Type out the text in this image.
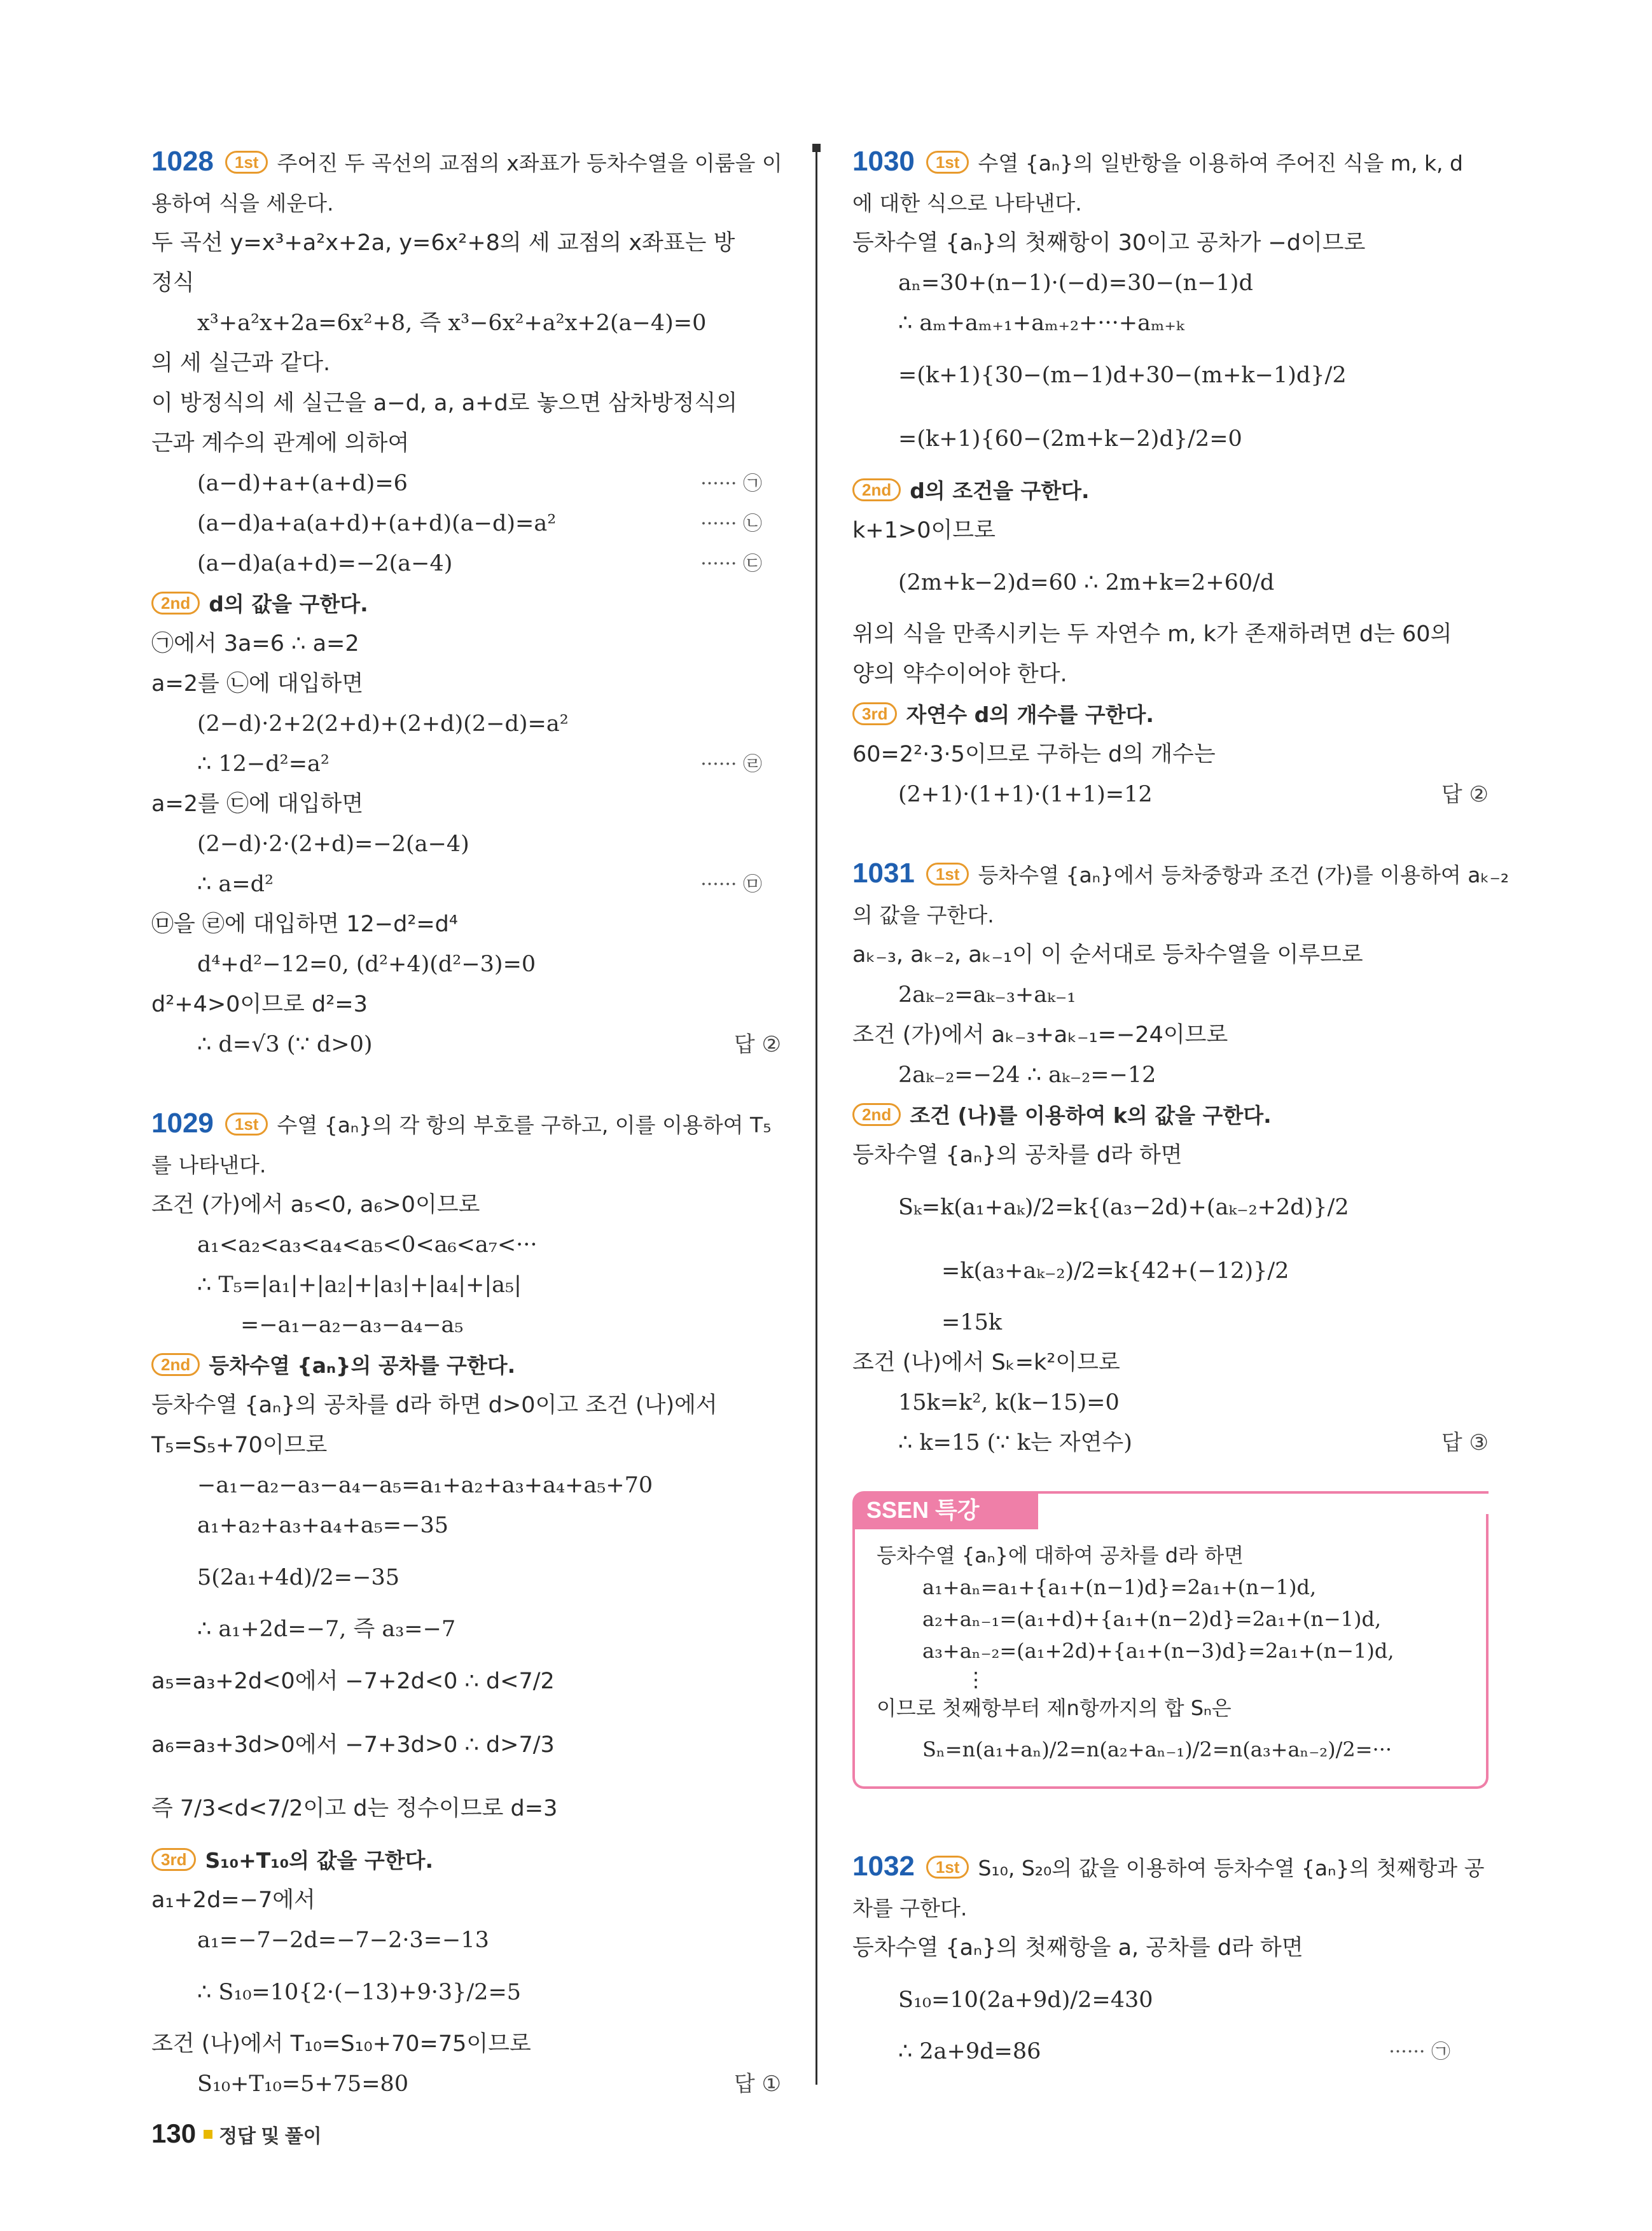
1028 1st 주어진 두 곡선의 교점의 x좌표가 등차수열을 이룸을 이
용하여 식을 세운다.
두 곡선 y=x³+a²x+2a, y=6x²+8의 세 교점의 x좌표는 방
정식
x³+a²x+2a=6x²+8, 즉 x³−6x²+a²x+2(a−4)=0
의 세 실근과 같다.
이 방정식의 세 실근을 a−d, a, a+d로 놓으면 삼차방정식의
근과 계수의 관계에 의하여
(a−d)+a+(a+d)=6	······ ㉠
(a−d)a+a(a+d)+(a+d)(a−d)=a²	······ ㉡
(a−d)a(a+d)=−2(a−4)	······ ㉢
2nd d의 값을 구한다.
㉠에서 3a=6 ∴ a=2
a=2를 ㉡에 대입하면
(2−d)·2+2(2+d)+(2+d)(2−d)=a²
∴ 12−d²=a²	······ ㉣
a=2를 ㉢에 대입하면
(2−d)·2·(2+d)=−2(a−4)
∴ a=d²	······ ㉤
㉤을 ㉣에 대입하면 12−d²=d⁴
d⁴+d²−12=0, (d²+4)(d²−3)=0
d²+4>0이므로 d²=3
∴ d=√3 (∵ d>0)	답 ②
1029 1st 수열 {aₙ}의 각 항의 부호를 구하고, 이를 이용하여 T₅
를 나타낸다.
조건 (가)에서 a₅<0, a₆>0이므로
a₁<a₂<a₃<a₄<a₅<0<a₆<a₇<···
∴ T₅=|a₁|+|a₂|+|a₃|+|a₄|+|a₅|
=−a₁−a₂−a₃−a₄−a₅
2nd 등차수열 {aₙ}의 공차를 구한다.
등차수열 {aₙ}의 공차를 d라 하면 d>0이고 조건 (나)에서
T₅=S₅+70이므로
−a₁−a₂−a₃−a₄−a₅=a₁+a₂+a₃+a₄+a₅+70
a₁+a₂+a₃+a₄+a₅=−35
5(2a₁+4d)/2=−35
∴ a₁+2d=−7, 즉 a₃=−7
a₅=a₃+2d<0에서 −7+2d<0 ∴ d<7/2
a₆=a₃+3d>0에서 −7+3d>0 ∴ d>7/3
즉 7/3<d<7/2이고 d는 정수이므로 d=3
3rd S₁₀+T₁₀의 값을 구한다.
a₁+2d=−7에서
a₁=−7−2d=−7−2·3=−13
∴ S₁₀=10{2·(−13)+9·3}/2=5
조건 (나)에서 T₁₀=S₁₀+70=75이므로
S₁₀+T₁₀=5+75=80	답 ①
1030 1st 수열 {aₙ}의 일반항을 이용하여 주어진 식을 m, k, d
에 대한 식으로 나타낸다.
등차수열 {aₙ}의 첫째항이 30이고 공차가 −d이므로
aₙ=30+(n−1)·(−d)=30−(n−1)d
∴ aₘ+aₘ₊₁+aₘ₊₂+···+aₘ₊ₖ
=(k+1){30−(m−1)d+30−(m+k−1)d}/2
=(k+1){60−(2m+k−2)d}/2=0
2nd d의 조건을 구한다.
k+1>0이므로
(2m+k−2)d=60 ∴ 2m+k=2+60/d
위의 식을 만족시키는 두 자연수 m, k가 존재하려면 d는 60의
양의 약수이어야 한다.
3rd 자연수 d의 개수를 구한다.
60=2²·3·5이므로 구하는 d의 개수는
(2+1)·(1+1)·(1+1)=12	답 ②
1031 1st 등차수열 {aₙ}에서 등차중항과 조건 (가)를 이용하여 aₖ₋₂
의 값을 구한다.
aₖ₋₃, aₖ₋₂, aₖ₋₁이 이 순서대로 등차수열을 이루므로
2aₖ₋₂=aₖ₋₃+aₖ₋₁
조건 (가)에서 aₖ₋₃+aₖ₋₁=−24이므로
2aₖ₋₂=−24 ∴ aₖ₋₂=−12
2nd 조건 (나)를 이용하여 k의 값을 구한다.
등차수열 {aₙ}의 공차를 d라 하면
Sₖ=k(a₁+aₖ)/2=k{(a₃−2d)+(aₖ₋₂+2d)}/2
=k(a₃+aₖ₋₂)/2=k{42+(−12)}/2
=15k
조건 (나)에서 Sₖ=k²이므로
15k=k², k(k−15)=0
∴ k=15 (∵ k는 자연수)	답 ③
SSEN 특강
등차수열 {aₙ}에 대하여 공차를 d라 하면
a₁+aₙ=a₁+{a₁+(n−1)d}=2a₁+(n−1)d,
a₂+aₙ₋₁=(a₁+d)+{a₁+(n−2)d}=2a₁+(n−1)d,
a₃+aₙ₋₂=(a₁+2d)+{a₁+(n−3)d}=2a₁+(n−1)d,
⋮
이므로 첫째항부터 제n항까지의 합 Sₙ은
Sₙ=n(a₁+aₙ)/2=n(a₂+aₙ₋₁)/2=n(a₃+aₙ₋₂)/2=···
1032 1st S₁₀, S₂₀의 값을 이용하여 등차수열 {aₙ}의 첫째항과 공
차를 구한다.
등차수열 {aₙ}의 첫째항을 a, 공차를 d라 하면
S₁₀=10(2a+9d)/2=430
∴ 2a+9d=86	······ ㉠
130 정답 및 풀이
